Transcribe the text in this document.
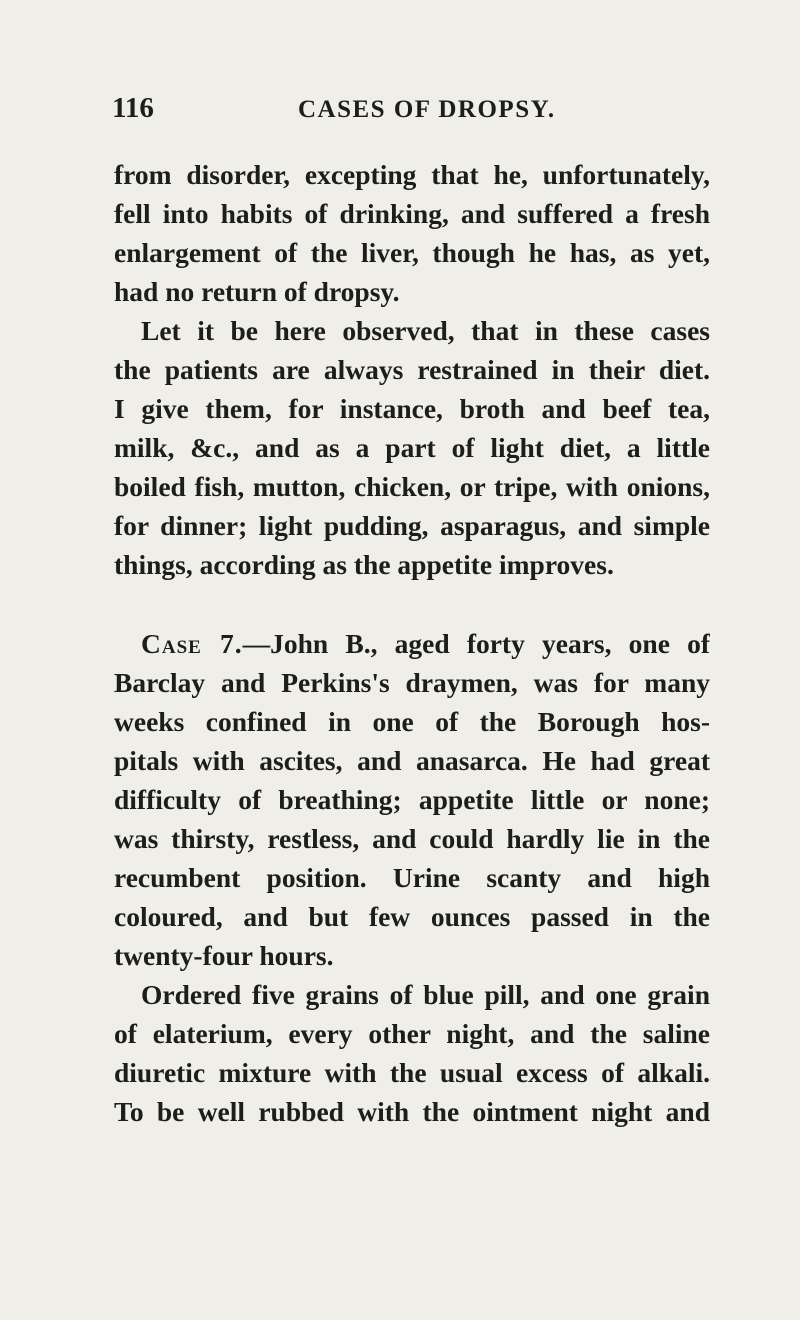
116	CASES OF DROPSY.
from disorder, excepting that he, unfortunately,
fell into habits of drinking, and suffered a fresh
enlargement of the liver, though he has, as yet,
had no return of dropsy.
Let it be here observed, that in these cases
the patients are always restrained in their diet.
I give them, for instance, broth and beef tea,
milk, &c., and as a part of light diet, a little
boiled fish, mutton, chicken, or tripe, with onions,
for dinner; light pudding, asparagus, and simple
things, according as the appetite improves.
Case 7.—John B., aged forty years, one of
Barclay and Perkins's draymen, was for many
weeks confined in one of the Borough hos-
pitals with ascites, and anasarca. He had great
difficulty of breathing; appetite little or none;
was thirsty, restless, and could hardly lie in the
recumbent position. Urine scanty and high
coloured, and but few ounces passed in the
twenty-four hours.
Ordered five grains of blue pill, and one grain
of elaterium, every other night, and the saline
diuretic mixture with the usual excess of alkali.
To be well rubbed with the ointment night and
